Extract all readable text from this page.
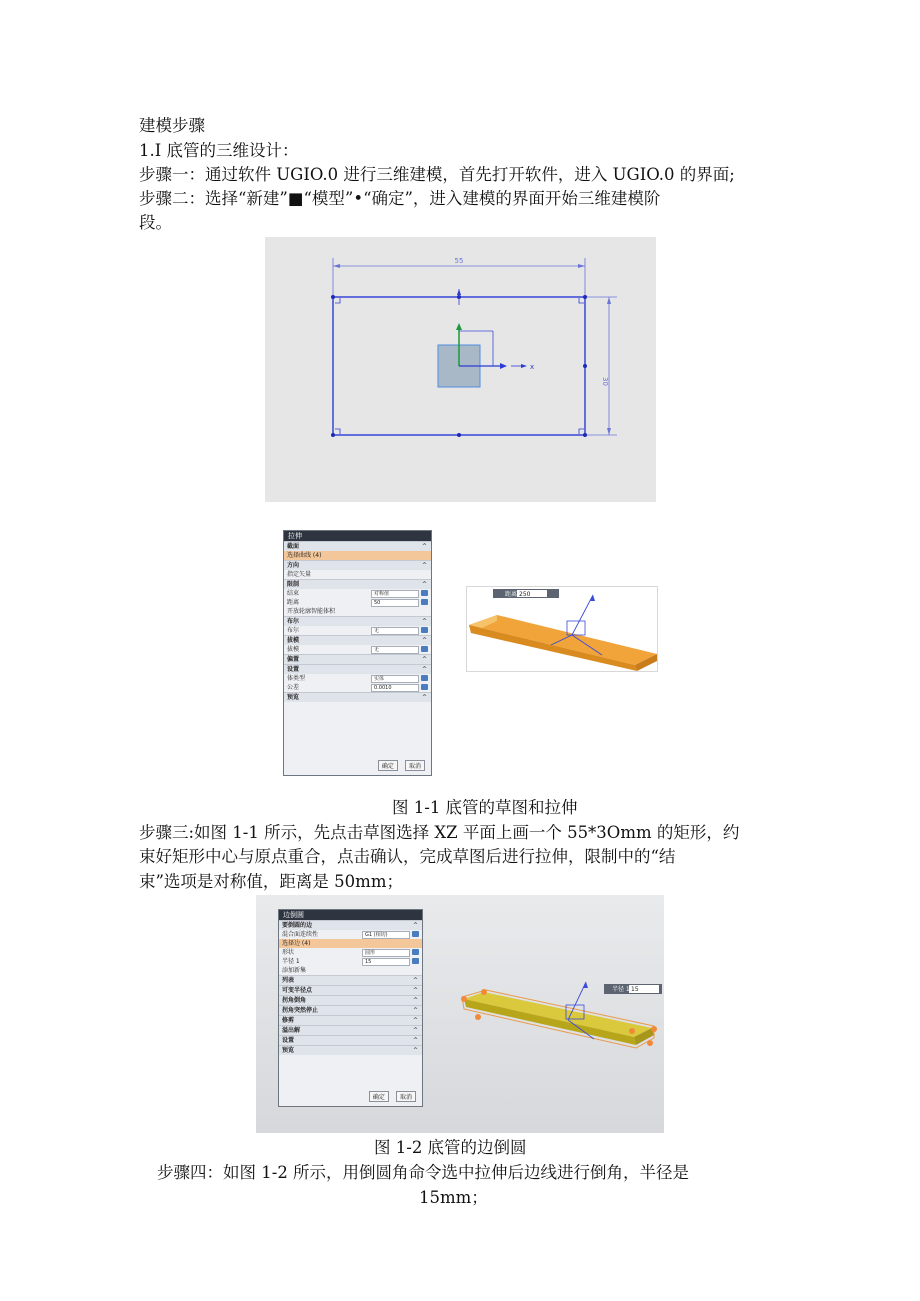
建模步骤
1.I 底管的三维设计：
步骤一：通过软件 UGIO.0 进行三维建模，首先打开软件，进入 UGIO.0 的界面;
步骤二：选择“新建”■“模型”•“确定”，进入建模的界面开始三维建模阶
段。
55
30
x
拉伸
截面	^
选择曲线 (4)
方向	^
指定矢量
限制	^
结束	对称值
距离	50
开放轮廓智能体积
布尔	^
布尔	无
拔模	^
拔模	无
偏置	^
设置	^
体类型	实体
公差	0.0010
预览	^
确定	取消
距离 250
图 1-1 底管的草图和拉伸
步骤三:如图 1-1 所示，先点击草图选择 XZ 平面上画一个 55*3Omm 的矩形，约
束好矩形中心与原点重合，点击确认，完成草图后进行拉伸，限制中的“结
束”选项是对称值，距离是 50mm；
半径 1 15
边倒圆
要倒圆的边	^
混合面连续性	G1 (相切)
选择边 (4)
形状	圆形
半径 1	15
添加新集
列表	^
可变半径点	^
拐角倒角	^
拐角突然停止	^
修剪	^
溢出解	^
设置	^
预览	^
确定	取消
图 1-2 底管的边倒圆
步骤四：如图 1-2 所示，用倒圆角命令选中拉伸后边线进行倒角，半径是
15mm；
